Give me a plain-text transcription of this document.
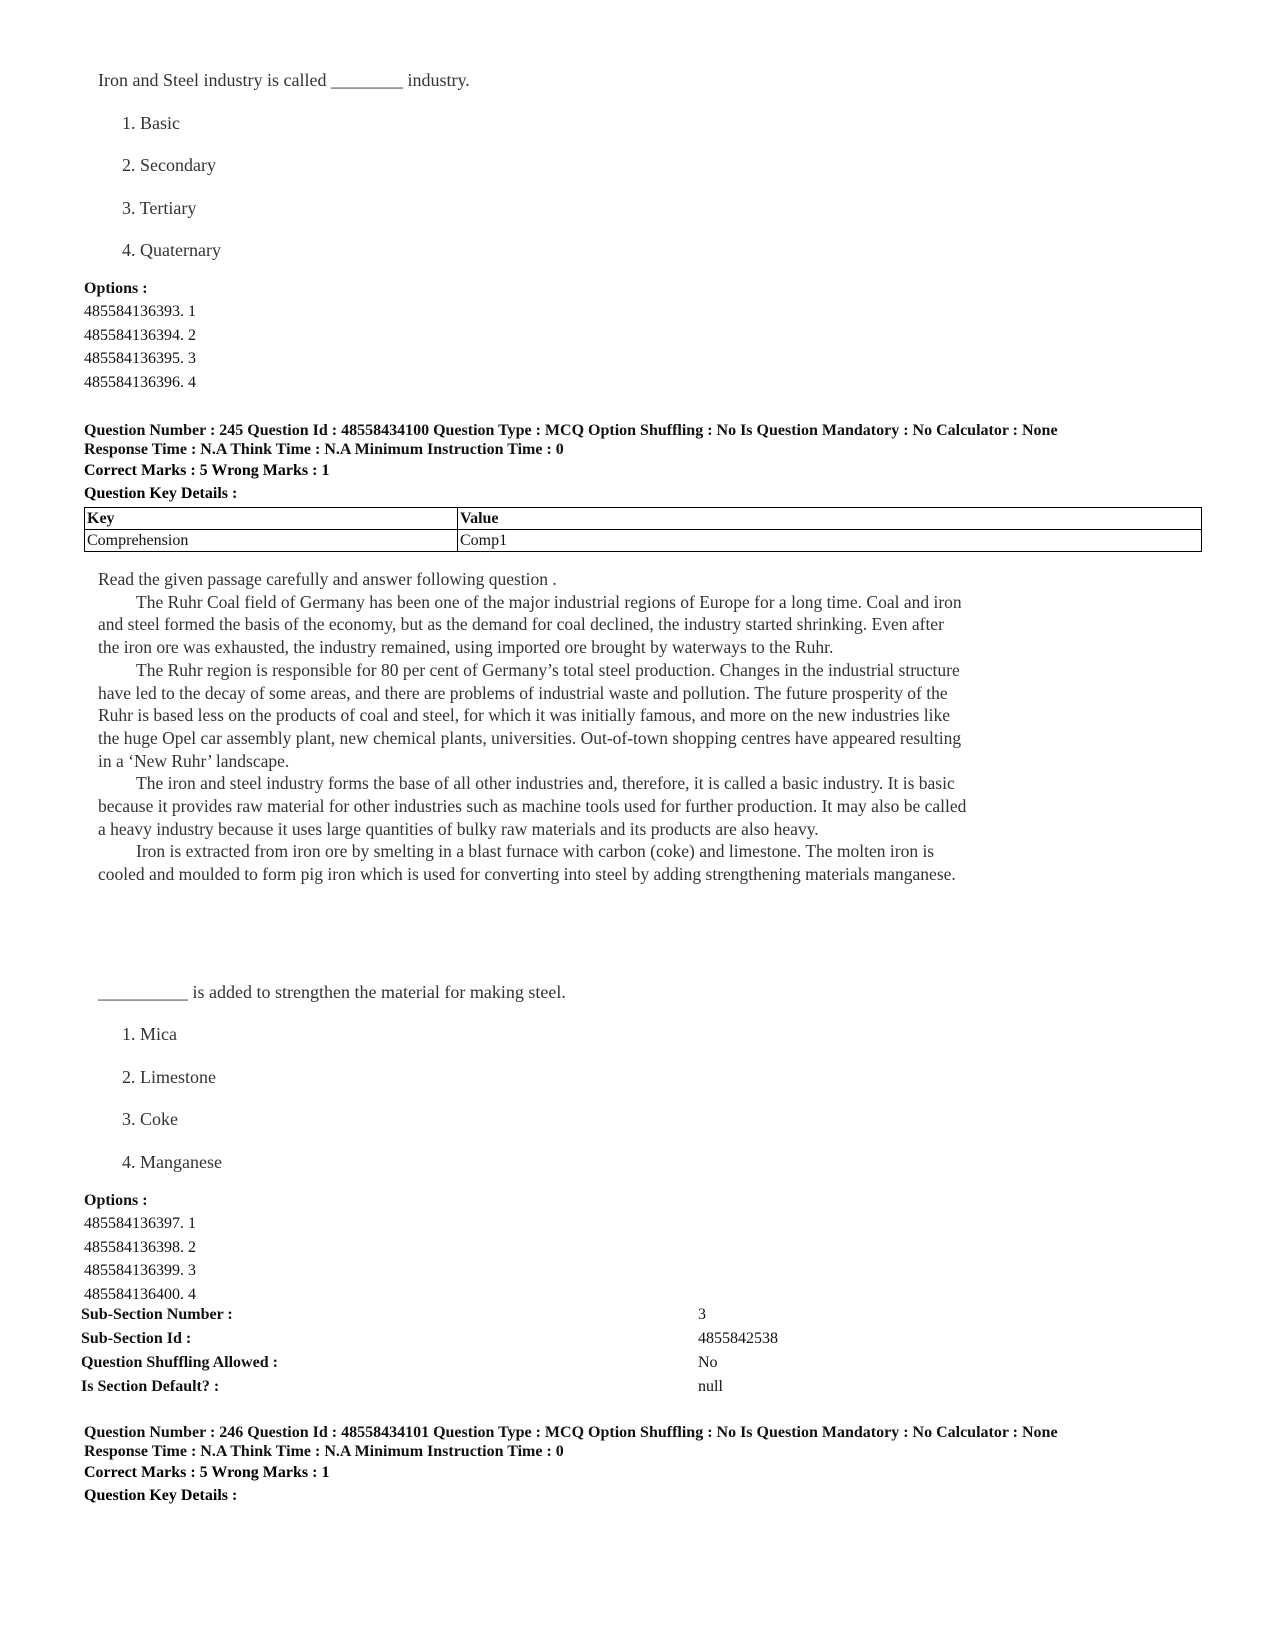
Iron and Steel industry is called ________ industry.
1. Basic
2. Secondary
3. Tertiary
4. Quaternary
Options :
485584136393. 1
485584136394. 2
485584136395. 3
485584136396. 4
Question Number : 245 Question Id : 48558434100 Question Type : MCQ Option Shuffling : No Is Question Mandatory : No Calculator : None
Response Time : N.A Think Time : N.A Minimum Instruction Time : 0
Correct Marks : 5 Wrong Marks : 1
Question Key Details :
Key	Value
Comprehension	Comp1

Read the given passage carefully and answer following question .

The Ruhr Coal field of Germany has been one of the major industrial regions of Europe for a long time. Coal and iron and steel formed the basis of the economy, but as the demand for coal declined, the industry started shrinking. Even after the iron ore was exhausted, the industry remained, using imported ore brought by waterways to the Ruhr.

The Ruhr region is responsible for 80 per cent of Germany’s total steel production. Changes in the industrial structure have led to the decay of some areas, and there are problems of industrial waste and pollution. The future prosperity of the Ruhr is based less on the products of coal and steel, for which it was initially famous, and more on the new industries like the huge Opel car assembly plant, new chemical plants, universities. Out-of-town shopping centres have appeared resulting in a ‘New Ruhr’ landscape.

The iron and steel industry forms the base of all other industries and, therefore, it is called a basic industry. It is basic because it provides raw material for other industries such as machine tools used for further production. It may also be called a heavy industry because it uses large quantities of bulky raw materials and its products are also heavy.

Iron is extracted from iron ore by smelting in a blast furnace with carbon (coke) and limestone. The molten iron is cooled and moulded to form pig iron which is used for converting into steel by adding strengthening materials manganese.

__________ is added to strengthen the material for making steel.
1. Mica
2. Limestone
3. Coke
4. Manganese
Options :
485584136397. 1
485584136398. 2
485584136399. 3
485584136400. 4
Sub-Section Number :	3
Sub-Section Id :	4855842538
Question Shuffling Allowed :	No
Is Section Default? :	null
Question Number : 246 Question Id : 48558434101 Question Type : MCQ Option Shuffling : No Is Question Mandatory : No Calculator : None
Response Time : N.A Think Time : N.A Minimum Instruction Time : 0
Correct Marks : 5 Wrong Marks : 1
Question Key Details :
